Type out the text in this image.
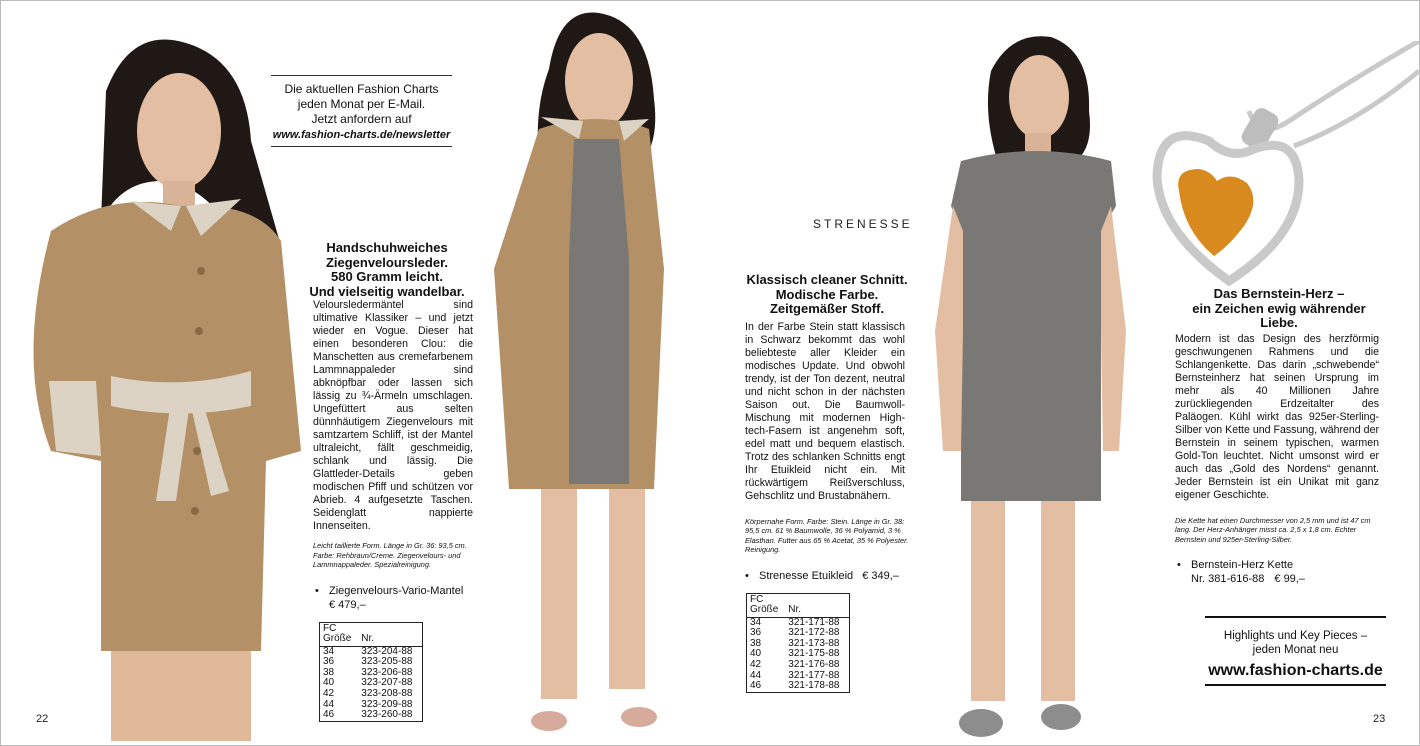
Die aktuellen Fashion Charts
jeden Monat per E-Mail.
Jetzt anfordern auf
www.fashion-charts.de/newsletter
Handschuhweiches
Ziegenveloursleder.
580 Gramm leicht.
Und vielseitig wandelbar.
Veloursledermäntel sind ultimative Klassiker – und jetzt wieder en Vogue. Dieser hat einen besonderen Clou: die Manschetten aus cremefarbenem Lammnappaleder sind abknöpfbar oder lassen sich lässig zu ¾-Ärmeln umschlagen. Ungefüttert aus selten dünnhäutigem Ziegenvelours mit samtzartem Schliff, ist der Mantel ultraleicht, fällt geschmeidig, schlank und lässig. Die Glattleder-Details geben modischen Pfiff und schützen vor Abrieb. 4 aufgesetzte Taschen. Seidenglatt nappierte Innenseiten.
Leicht taillierte Form. Länge in Gr. 36: 93,5 cm. Farbe: Rehbraun/Creme. Ziegenvelours- und Lammnappaleder. Spezialreinigung.
• Ziegenvelours-Vario-Mantel
€ 479,–
FC
Größe	Nr.
34	323-204-88
36	323-205-88
38	323-206-88
40	323-207-88
42	323-208-88
44	323-209-88
46	323-260-88
22
STRENESSE
Klassisch cleaner Schnitt.
Modische Farbe.
Zeitgemäßer Stoff.
In der Farbe Stein statt klassisch in Schwarz bekommt das wohl beliebteste aller Kleider ein modisches Update. Und obwohl trendy, ist der Ton dezent, neutral und nicht schon in der nächsten Saison out. Die Baumwoll-Mischung mit modernen High-tech-Fasern ist angenehm soft, edel matt und bequem elastisch. Trotz des schlanken Schnitts engt Ihr Etuikleid nicht ein. Mit rückwärtigem Reißverschluss, Gehschlitz und Brustabnähern.
Körpernahe Form. Farbe: Stein. Länge in Gr. 38: 95,5 cm. 61 % Baumwolle, 36 % Polyamid, 3 % Elasthan. Futter aus 65 % Acetat, 35 % Polyester. Reinigung.
• Strenesse Etuikleid € 349,–
FC
Größe	Nr.
34	321-171-88
36	321-172-88
38	321-173-88
40	321-175-88
42	321-176-88
44	321-177-88
46	321-178-88
Das Bernstein-Herz –
ein Zeichen ewig währender
Liebe.
Modern ist das Design des herzförmig geschwungenen Rahmens und die Schlangenkette. Das darin „schwebende“ Bernsteinherz hat seinen Ursprung im mehr als 40 Millionen Jahre zurückliegenden Erdzeitalter des Paläogen. Kühl wirkt das 925er-Sterling-Silber von Kette und Fassung, während der Bernstein in seinem typischen, warmen Gold-Ton leuchtet. Nicht umsonst wird er auch das „Gold des Nordens“ genannt. Jeder Bernstein ist ein Unikat mit ganz eigener Geschichte.
Die Kette hat einen Durchmesser von 2,5 mm und ist 47 cm lang. Der Herz-Anhänger misst ca. 2,5 x 1,8 cm. Echter Bernstein und 925er-Sterling-Silber.
• Bernstein-Herz Kette
Nr. 381-616-88 € 99,–
Highlights und Key Pieces –
jeden Monat neu
www.fashion-charts.de
23
